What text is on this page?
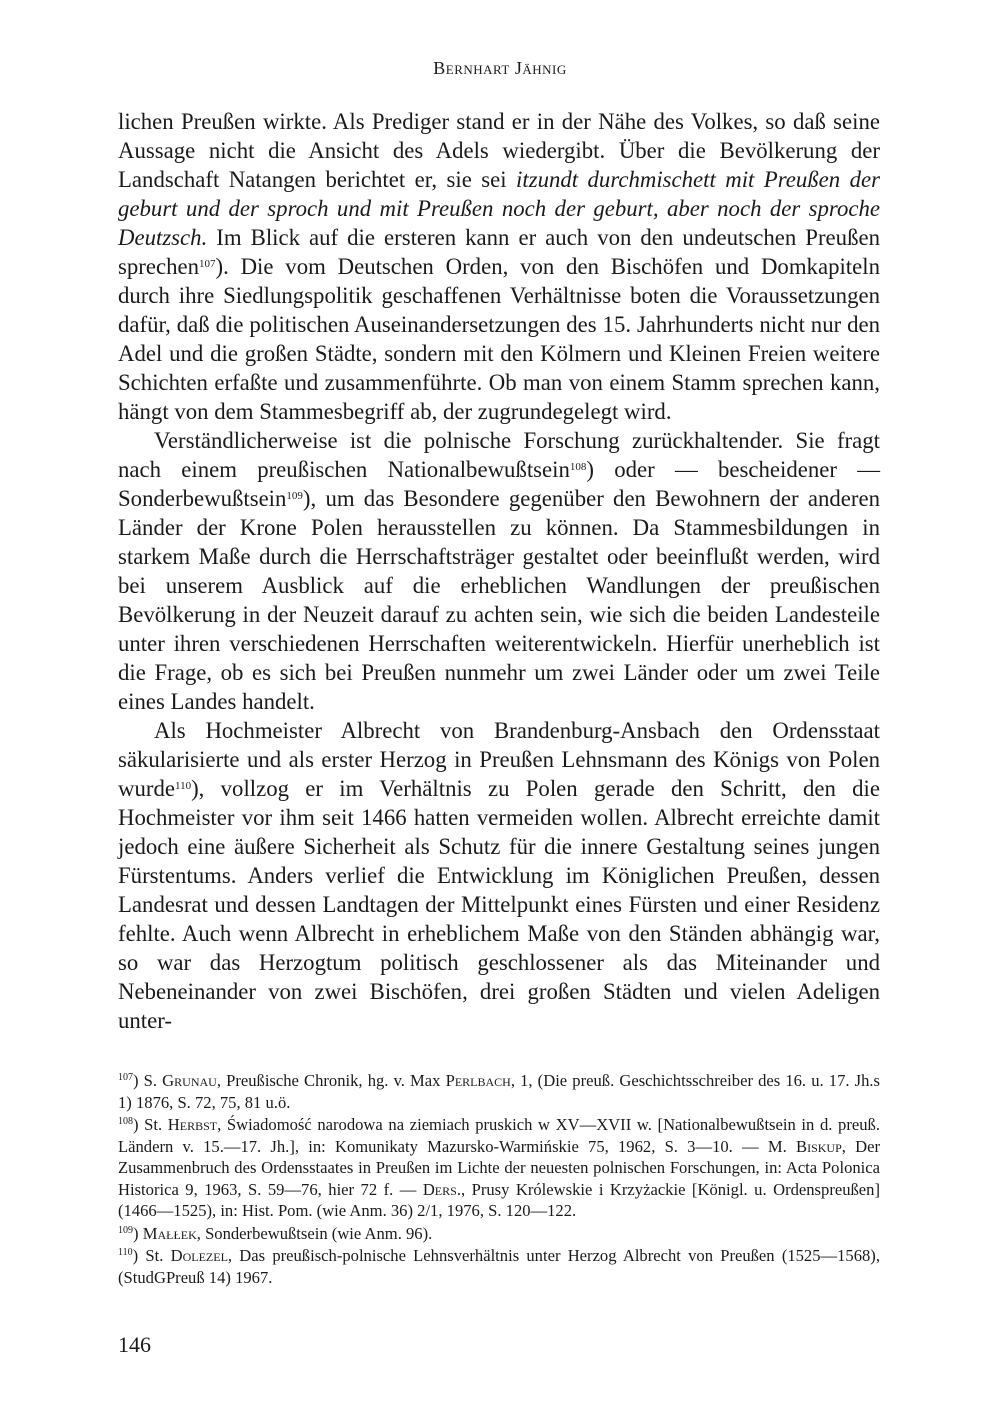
Bernhart Jähnig

lichen Preußen wirkte. Als Prediger stand er in der Nähe des Volkes, so daß seine Aussage nicht die Ansicht des Adels wiedergibt. Über die Bevölkerung der Landschaft Natangen berichtet er, sie sei itzundt durchmischett mit Preußen der geburt und der sproch und mit Preußen noch der geburt, aber noch der sproche Deutzsch. Im Blick auf die ersteren kann er auch von den undeutschen Preußen sprechen$^{107}$). Die vom Deutschen Orden, von den Bischöfen und Domkapiteln durch ihre Siedlungspolitik geschaffenen Verhältnisse boten die Voraussetzungen dafür, daß die politischen Auseinandersetzungen des 15. Jahrhunderts nicht nur den Adel und die großen Städte, sondern mit den Kölmern und Kleinen Freien weitere Schichten erfaßte und zusammenführte. Ob man von einem Stamm sprechen kann, hängt von dem Stammesbegriff ab, der zugrundegelegt wird.

Verständlicherweise ist die polnische Forschung zurückhaltender. Sie fragt nach einem preußischen Nationalbewußtsein$^{108}$) oder — bescheidener — Sonderbewußtsein$^{109}$), um das Besondere gegenüber den Bewohnern der anderen Länder der Krone Polen herausstellen zu können. Da Stammesbildungen in starkem Maße durch die Herrschaftsträger gestaltet oder beeinflußt werden, wird bei unserem Ausblick auf die erheblichen Wandlungen der preußischen Bevölkerung in der Neuzeit darauf zu achten sein, wie sich die beiden Landesteile unter ihren verschiedenen Herrschaften weiterentwickeln. Hierfür unerheblich ist die Frage, ob es sich bei Preußen nunmehr um zwei Länder oder um zwei Teile eines Landes handelt.

Als Hochmeister Albrecht von Brandenburg-Ansbach den Ordensstaat säkularisierte und als erster Herzog in Preußen Lehnsmann des Königs von Polen wurde$^{110}$), vollzog er im Verhältnis zu Polen gerade den Schritt, den die Hochmeister vor ihm seit 1466 hatten vermeiden wollen. Albrecht erreichte damit jedoch eine äußere Sicherheit als Schutz für die innere Gestaltung seines jungen Fürstentums. Anders verlief die Entwicklung im Königlichen Preußen, dessen Landesrat und dessen Landtagen der Mittelpunkt eines Fürsten und einer Residenz fehlte. Auch wenn Albrecht in erheblichem Maße von den Ständen abhängig war, so war das Herzogtum politisch geschlossener als das Miteinander und Nebeneinander von zwei Bischöfen, drei großen Städten und vielen Adeligen unter-

$^{107}$) S. Grunau, Preußische Chronik, hg. v. Max Perlbach, 1, (Die preuß. Geschichtsschreiber des 16. u. 17. Jh.s 1) 1876, S. 72, 75, 81 u.ö.
$^{108}$) St. Herbst, Świadomość narodowa na ziemiach pruskich w XV—XVII w. [Nationalbewußtsein in d. preuß. Ländern v. 15.—17. Jh.], in: Komunikaty Mazursko-Warmińskie 75, 1962, S. 3—10. — M. Biskup, Der Zusammenbruch des Ordensstaates in Preußen im Lichte der neuesten polnischen Forschungen, in: Acta Polonica Historica 9, 1963, S. 59—76, hier 72 f. — Ders., Prusy Królewskie i Krzyżackie [Königl. u. Ordenspreußen] (1466—1525), in: Hist. Pom. (wie Anm. 36) 2/1, 1976, S. 120—122.
$^{109}$) Małłek, Sonderbewußtsein (wie Anm. 96).
$^{110}$) St. Dolezel, Das preußisch-polnische Lehnsverhältnis unter Herzog Albrecht von Preußen (1525—1568), (StudGPreuß 14) 1967.
146
